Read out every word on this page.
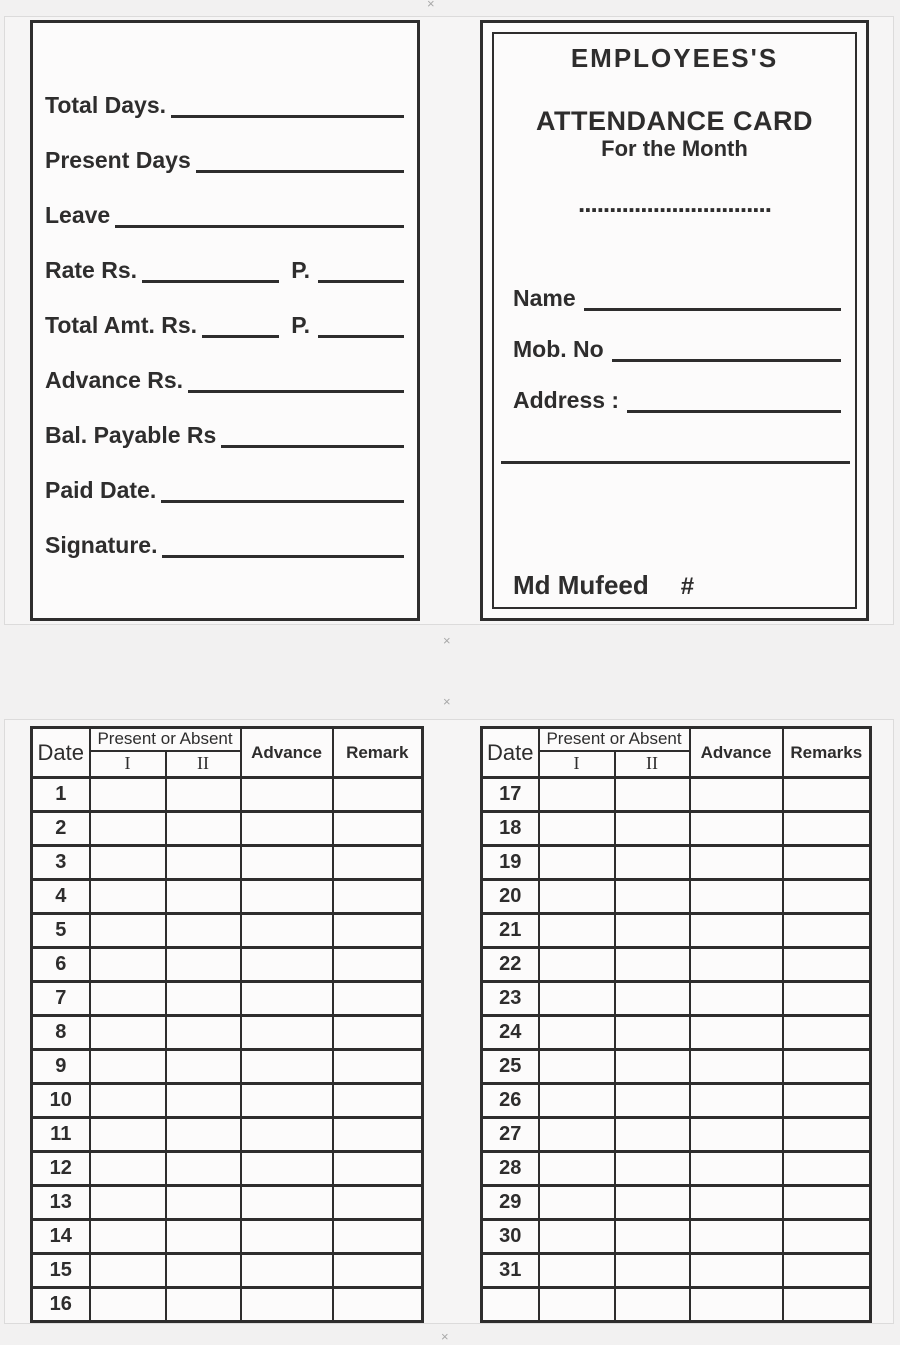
×
×
×
×
Total Days.
Present Days
Leave
Rate Rs.	P.
Total Amt. Rs.	P.
Advance Rs.
Bal. Payable Rs
Paid Date.
Signature.
EMPLOYEES'S
ATTENDANCE CARD
For the Month
...............................
Name
Mob. No
Address :
Md Mufeed #
Date	Present or Absent		Advance	Remark
	I	II		
1				
2				
3				
4				
5				
6				
7				
8				
9				
10				
11				
12				
13				
14				
15				
16				
Date	Present or Absent		Advance	Remarks
	I	II		
17				
18				
19				
20				
21				
22				
23				
24				
25				
26				
27				
28				
29				
30				
31				
